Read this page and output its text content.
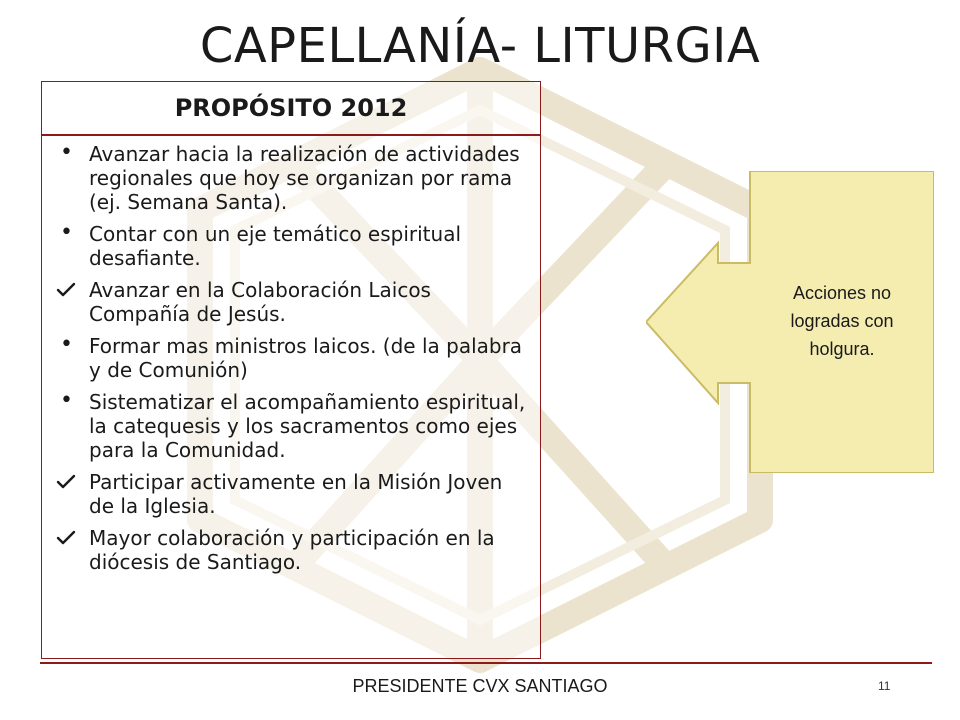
CAPELLANÍA- LITURGIA
PROPÓSITO 2012
Avanzar hacia la realización de actividades regionales que hoy se organizan por rama (ej. Semana Santa).
Contar con un eje temático espiritual desafiante.
Avanzar en la Colaboración Laicos Compañía de Jesús.
Formar mas ministros laicos. (de la palabra y de Comunión)
Sistematizar el acompañamiento espiritual, la catequesis y los sacramentos como ejes para la Comunidad.
Participar activamente en la Misión Joven de la Iglesia.
Mayor colaboración y participación en la diócesis de Santiago.
Acciones no logradas con holgura.
PRESIDENTE CVX SANTIAGO	11
